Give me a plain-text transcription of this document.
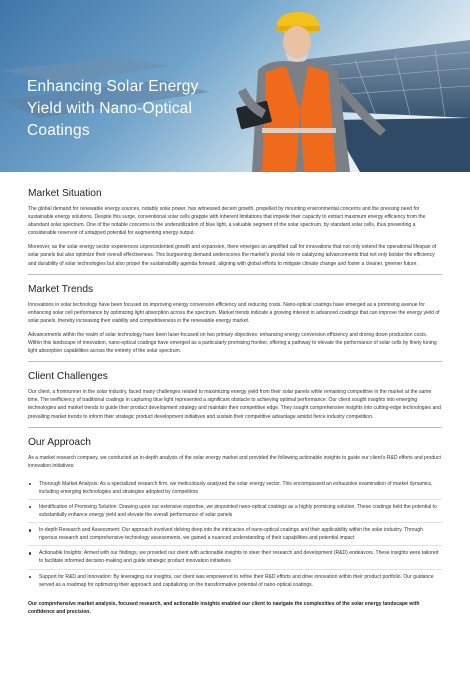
Enhancing Solar Energy Yield with Nano-Optical Coatings
Market Situation

The global demand for renewable energy sources, notably solar power, has witnessed decent growth, propelled by mounting environmental concerns and the pressing need for sustainable energy solutions. Despite this surge, conventional solar cells grapple with inherent limitations that impede their capacity to extract maximum energy efficiency from the abundant solar spectrum. One of the notable concerns is the underutilization of blue light, a valuable segment of the solar spectrum, by standard solar cells, thus presenting a considerable reservoir of untapped potential for augmenting energy output.

Moreover, as the solar energy sector experiences unprecedented growth and expansion, there emerges an amplified call for innovations that not only extend the operational lifespan of solar panels but also optimize their overall effectiveness. This burgeoning demand underscores the market's pivotal role in catalyzing advancements that not only bolster the efficiency and durability of solar technologies but also propel the sustainability agenda forward, aligning with global efforts to mitigate climate change and foster a cleaner, greener future.

Market Trends

Innovations in solar technology have been focused on improving energy conversion efficiency and reducing costs. Nano-optical coatings have emerged as a promising avenue for enhancing solar cell performance by optimizing light absorption across the spectrum. Market trends indicate a growing interest in advanced coatings that can improve the energy yield of solar panels, thereby increasing their viability and competitiveness in the renewable energy market.

Advancements within the realm of solar technology have been laser-focused on two primary objectives: enhancing energy conversion efficiency and driving down production costs. Within this landscape of innovation, nano-optical coatings have emerged as a particularly promising frontier, offering a pathway to elevate the performance of solar cells by finely tuning light absorption capabilities across the entirety of the solar spectrum.

Client Challenges

Our client, a frontrunner in the solar industry, faced many challenges related to maximizing energy yield from their solar panels while remaining competitive in the market at the same time. The inefficiency of traditional coatings in capturing blue light represented a significant obstacle to achieving optimal performance. Our client sought insights into emerging technologies and market trends to guide their product development strategy and maintain their competitive edge. They sought comprehensive insights into cutting-edge technologies and prevailing market trends to inform their strategic product development initiatives and sustain their competitive advantage amidst fierce industry competition.

Our Approach

As a market research company, we conducted an in-depth analysis of the solar energy market and provided the following actionable insights to guide our client's R&D efforts and product innovation initiatives:

Thorough Market Analysis: As a specialized research firm, we meticulously analyzed the solar energy sector. This encompassed an exhaustive examination of market dynamics, including emerging technologies and strategies adopted by competitors
Identification of Promising Solution: Drawing upon our extensive expertise, we pinpointed nano-optical coatings as a highly promising solution. These coatings held the potential to substantially enhance energy yield and elevate the overall performance of solar panels
In-depth Research and Assessment: Our approach involved delving deep into the intricacies of nano-optical coatings and their applicability within the solar industry. Through rigorous research and comprehensive technology assessments, we gained a nuanced understanding of their capabilities and potential impact
Actionable Insights: Armed with our findings, we provided our client with actionable insights to steer their research and development (R&D) endeavors. These insights were tailored to facilitate informed decision-making and guide strategic product innovation initiatives
Support for R&D and Innovation: By leveraging our insights, our client was empowered to refine their R&D efforts and drive innovation within their product portfolio. Our guidance served as a roadmap for optimizing their approach and capitalizing on the transformative potential of nano-optical coatings.

Our comprehensive market analysis, focused research, and actionable insights enabled our client to navigate the complexities of the solar energy landscape with confidence and precision.
